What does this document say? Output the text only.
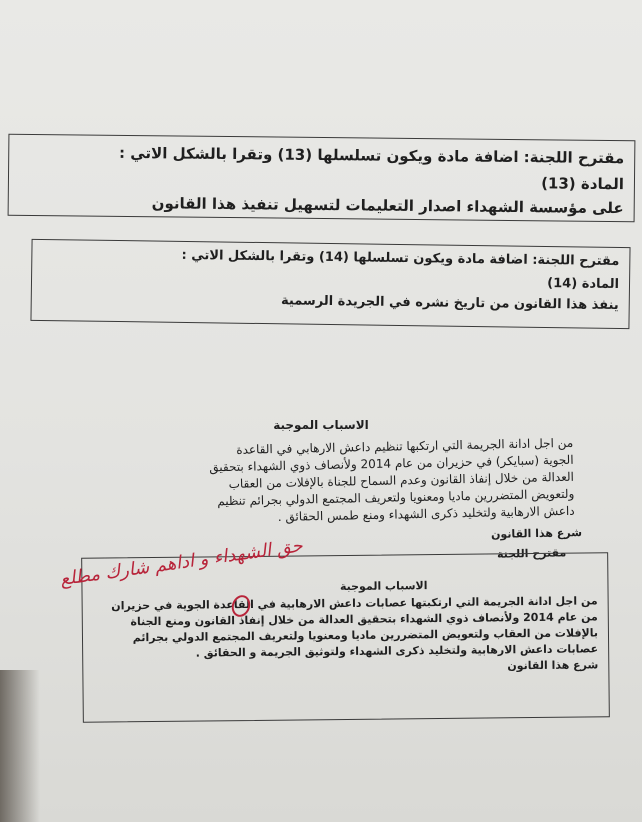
مقترح اللجنة: اضافة مادة ويكون تسلسلها (13) وتقرا بالشكل الاتي :
المادة (13)
على مؤسسة الشهداء اصدار التعليمات لتسهيل تنفيذ هذا القانون
مقترح اللجنة: اضافة مادة ويكون تسلسلها (14) وتقرا بالشكل الاتي :
المادة (14)
ينفذ هذا القانون من تاريخ نشره في الجريدة الرسمية
الاسباب الموجبة

من اجل ادانة الجريمة التي ارتكبها تنظيم داعش الارهابي في القاعدة

الجوية (سبايكر) في حزيران من عام 2014 ولأنصاف ذوي الشهداء بتحقيق

العدالة من خلال إنفاذ القانون وعدم السماح للجناة بالإفلات من العقاب

ولتعويض المتضررين ماديا ومعنويا ولتعريف المجتمع الدولي بجرائم تنظيم

داعش الارهابية ولتخليد ذكرى الشهداء ومنع طمس الحقائق .

شرع هذا القانون
مقترح اللجنة
الاسباب الموجبة

من اجل ادانة الجريمة التي ارتكبتها عصابات داعش الارهابية في القاعدة الجوية في حزيران

من عام 2014 ولأنصاف ذوي الشهداء بتحقيق العدالة من خلال إنفاذ القانون ومنع الجناة

بالإفلات من العقاب ولتعويض المتضررين ماديا ومعنويا ولتعريف المجتمع الدولي بجرائم

عصابات داعش الارهابية ولتخليد ذكرى الشهداء ولتوثيق الجريمة و الحقائق .

شرع هذا القانون

حق الشهداء و اداهم شارك مطلع
